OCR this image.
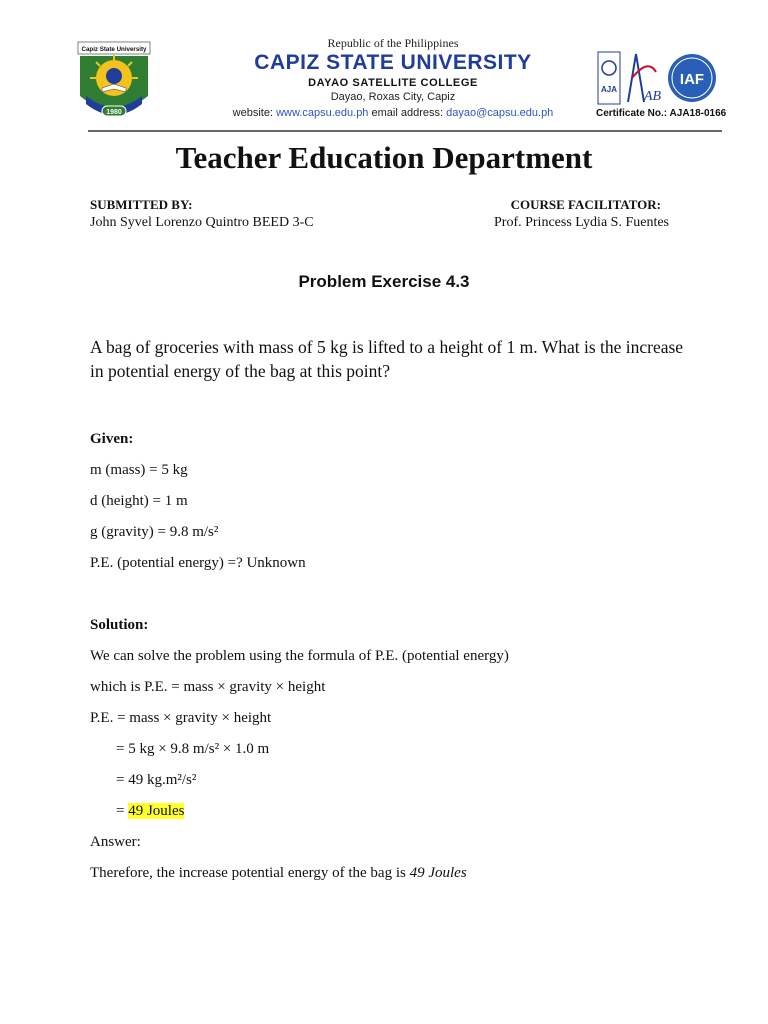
Capiz State University
1980
Republic of the Philippines
CAPIZ STATE UNIVERSITY
DAYAO SATELLITE COLLEGE
Dayao, Roxas City, Capiz
website: www.capsu.edu.ph email address: dayao@capsu.edu.ph
AJA AB
IAF
Certificate No.: AJA18-0166
Teacher Education Department
SUBMITTED BY:
John Syvel Lorenzo Quintro BEED 3-C
COURSE FACILITATOR:
Prof. Princess Lydia S. Fuentes
Problem Exercise 4.3
A bag of groceries with mass of 5 kg is lifted to a height of 1 m. What is the increase in potential energy of the bag at this point?
Given:
m (mass) = 5 kg
d (height) = 1 m
g (gravity) = 9.8 m/s²
P.E. (potential energy) =? Unknown
Solution:
We can solve the problem using the formula of P.E. (potential energy)
which is P.E. = mass × gravity × height
P.E. = mass × gravity × height
= 5 kg × 9.8 m/s² × 1.0 m
= 49 kg.m²/s²
= 49 Joules
Answer:
Therefore, the increase potential energy of the bag is 49 Joules
